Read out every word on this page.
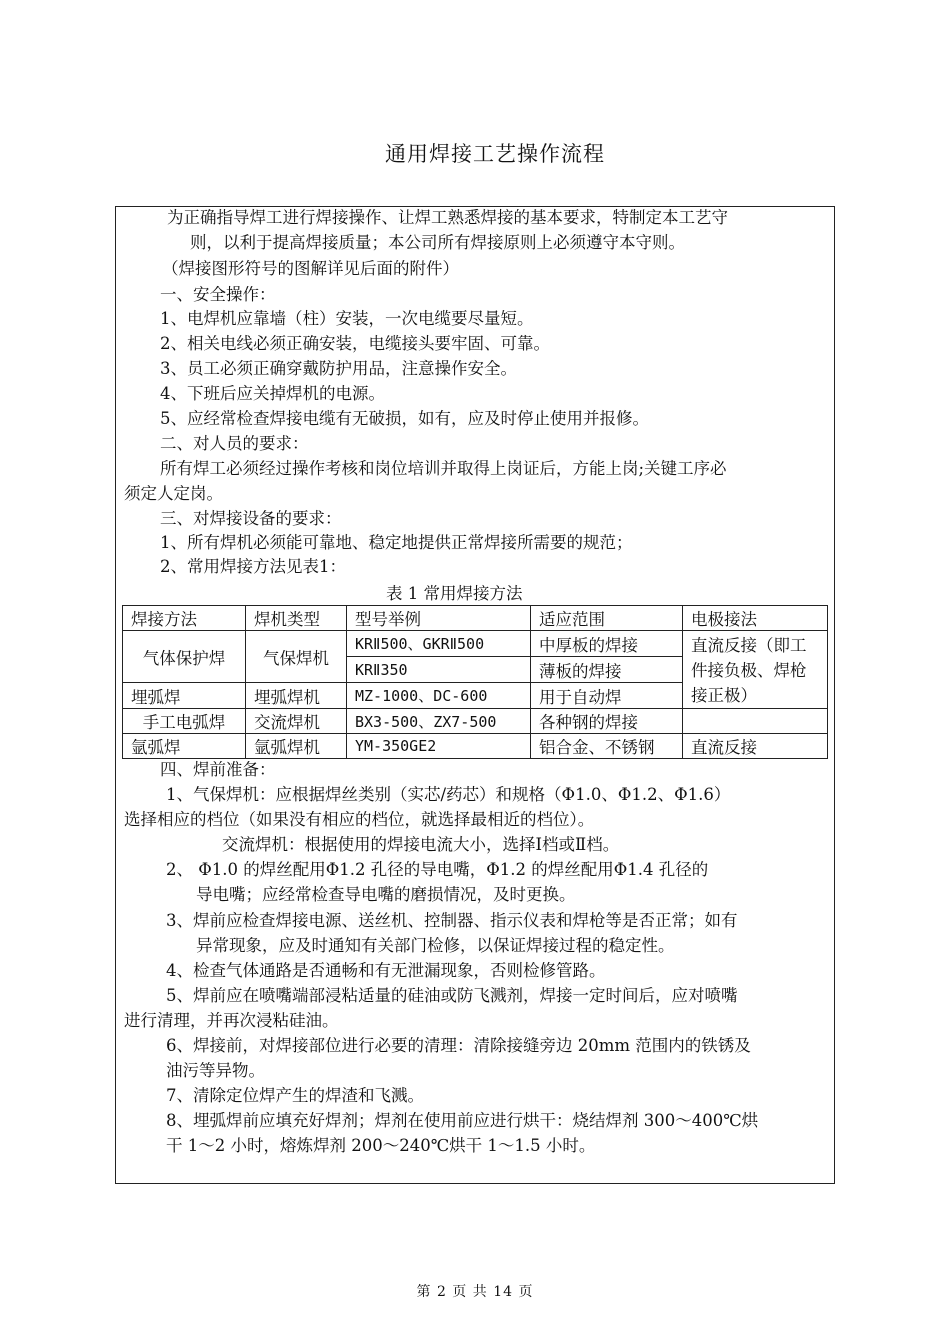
通用焊接工艺操作流程
为正确指导焊工进行焊接操作、让焊工熟悉焊接的基本要求，特制定本工艺守
则，以利于提高焊接质量；本公司所有焊接原则上必须遵守本守则。
（焊接图形符号的图解详见后面的附件）
一、安全操作：
1、电焊机应靠墙（柱）安装，一次电缆要尽量短。
2、相关电线必须正确安装，电缆接头要牢固、可靠。
3、员工必须正确穿戴防护用品，注意操作安全。
4、下班后应关掉焊机的电源。
5、应经常检查焊接电缆有无破损，如有，应及时停止使用并报修。
二、对人员的要求：
所有焊工必须经过操作考核和岗位培训并取得上岗证后，方能上岗;关键工序必
须定人定岗。
三、对焊接设备的要求：
1、所有焊机必须能可靠地、稳定地提供正常焊接所需要的规范；
2、常用焊接方法见表1：
表 1 常用焊接方法
焊接方法	焊机类型	型号举例	适应范围	电极接法
气体保护焊	气保焊机	KRⅡ500、GKRⅡ500	中厚板的焊接	直流反接（即工件接负极、焊枪接正极）

		KRⅡ350	薄板的焊接	
埋弧焊	埋弧焊机	MZ-1000、DC-600	用于自动焊	
手工电弧焊	交流焊机	BX3-500、ZX7-500	各种钢的焊接	
氩弧焊	氩弧焊机	YM-350GE2	铝合金、不锈钢	直流反接
四、焊前准备：
1、气保焊机：应根据焊丝类别（实芯/药芯）和规格（Φ1.0、Φ1.2、Φ1.6）
选择相应的档位（如果没有相应的档位，就选择最相近的档位）。
交流焊机：根据使用的焊接电流大小，选择Ⅰ档或Ⅱ档。
2、 Φ1.0 的焊丝配用Φ1.2 孔径的导电嘴，Φ1.2 的焊丝配用Φ1.4 孔径的
导电嘴；应经常检查导电嘴的磨损情况，及时更换。
3、焊前应检查焊接电源、送丝机、控制器、指示仪表和焊枪等是否正常；如有
异常现象，应及时通知有关部门检修，以保证焊接过程的稳定性。
4、检查气体通路是否通畅和有无泄漏现象，否则检修管路。
5、焊前应在喷嘴端部浸粘适量的硅油或防飞溅剂，焊接一定时间后，应对喷嘴
进行清理，并再次浸粘硅油。
6、焊接前，对焊接部位进行必要的清理：清除接缝旁边 20mm 范围内的铁锈及
油污等异物。
7、清除定位焊产生的焊渣和飞溅。
8、埋弧焊前应填充好焊剂；焊剂在使用前应进行烘干：烧结焊剂 300～400℃烘
干 1～2 小时，熔炼焊剂 200～240℃烘干 1～1.5 小时。
第 2 页 共 14 页
